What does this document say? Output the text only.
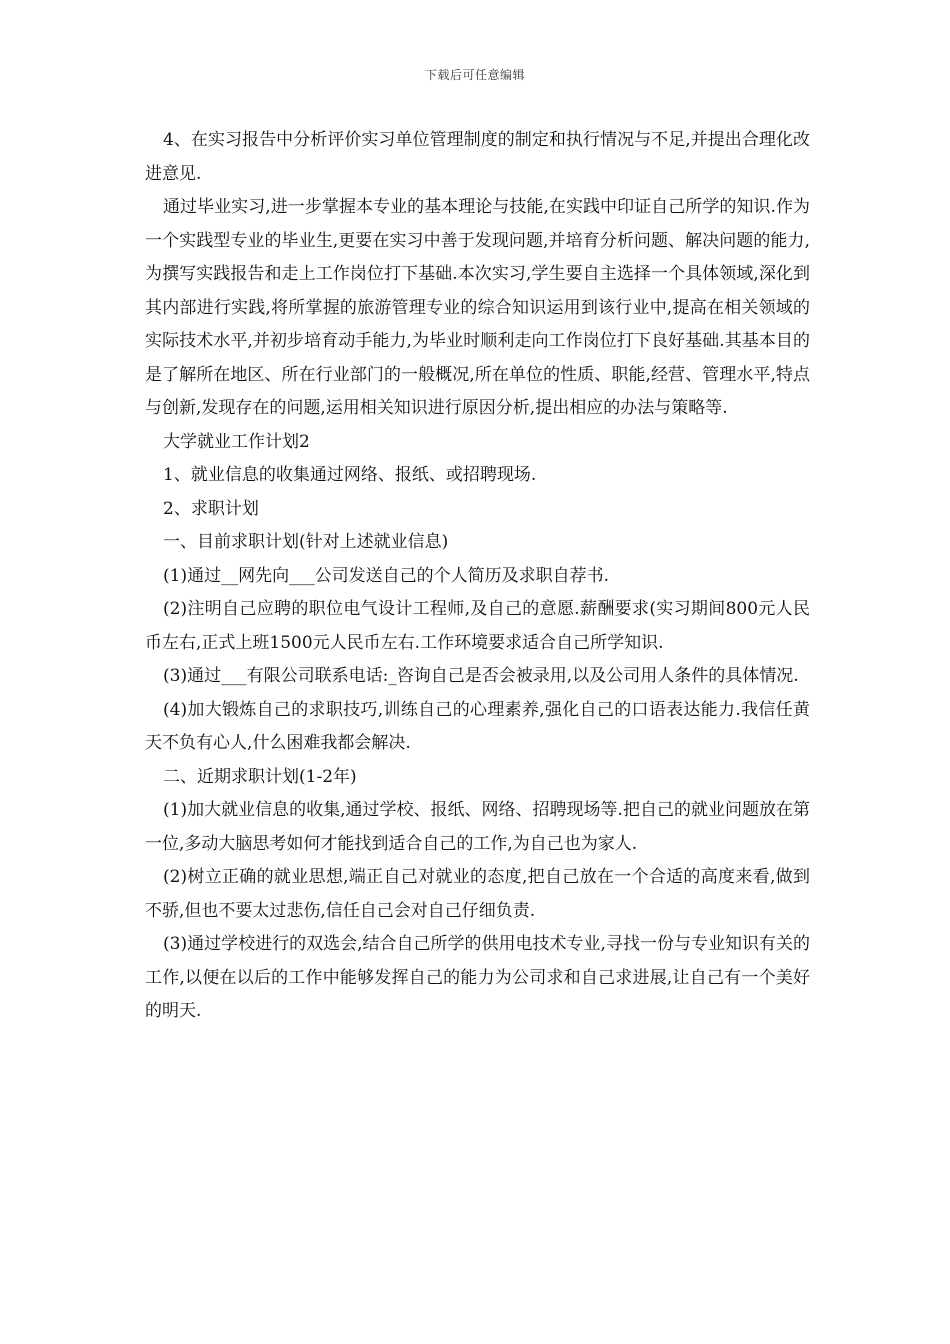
下载后可任意编辑

4、在实习报告中分析评价实习单位管理制度的制定和执行情况与不足,并提出合理化改进意见.

通过毕业实习,进一步掌握本专业的基本理论与技能,在实践中印证自己所学的知识.作为一个实践型专业的毕业生,更要在实习中善于发现问题,并培育分析问题、解决问题的能力,为撰写实践报告和走上工作岗位打下基础.本次实习,学生要自主选择一个具体领域,深化到其内部进行实践,将所掌握的旅游管理专业的综合知识运用到该行业中,提高在相关领域的实际技术水平,并初步培育动手能力,为毕业时顺利走向工作岗位打下良好基础.其基本目的是了解所在地区、所在行业部门的一般概况,所在单位的性质、职能,经营、管理水平,特点与创新,发现存在的问题,运用相关知识进行原因分析,提出相应的办法与策略等.

大学就业工作计划2

1、就业信息的收集通过网络、报纸、或招聘现场.

2、求职计划

一、目前求职计划(针对上述就业信息)

(1)通过__网先向___公司发送自己的个人简历及求职自荐书.

(2)注明自己应聘的职位电气设计工程师,及自己的意愿.薪酬要求(实习期间800元人民币左右,正式上班1500元人民币左右.工作环境要求适合自己所学知识.

(3)通过___有限公司联系电话:_咨询自己是否会被录用,以及公司用人条件的具体情况.

(4)加大锻炼自己的求职技巧,训练自己的心理素养,强化自己的口语表达能力.我信任黄天不负有心人,什么困难我都会解决.

二、近期求职计划(1-2年)

(1)加大就业信息的收集,通过学校、报纸、网络、招聘现场等.把自己的就业问题放在第一位,多动大脑思考如何才能找到适合自己的工作,为自己也为家人.

(2)树立正确的就业思想,端正自己对就业的态度,把自己放在一个合适的高度来看,做到不骄,但也不要太过悲伤,信任自己会对自己仔细负责.

(3)通过学校进行的双选会,结合自己所学的供用电技术专业,寻找一份与专业知识有关的工作,以便在以后的工作中能够发挥自己的能力为公司求和自己求进展,让自己有一个美好的明天.
